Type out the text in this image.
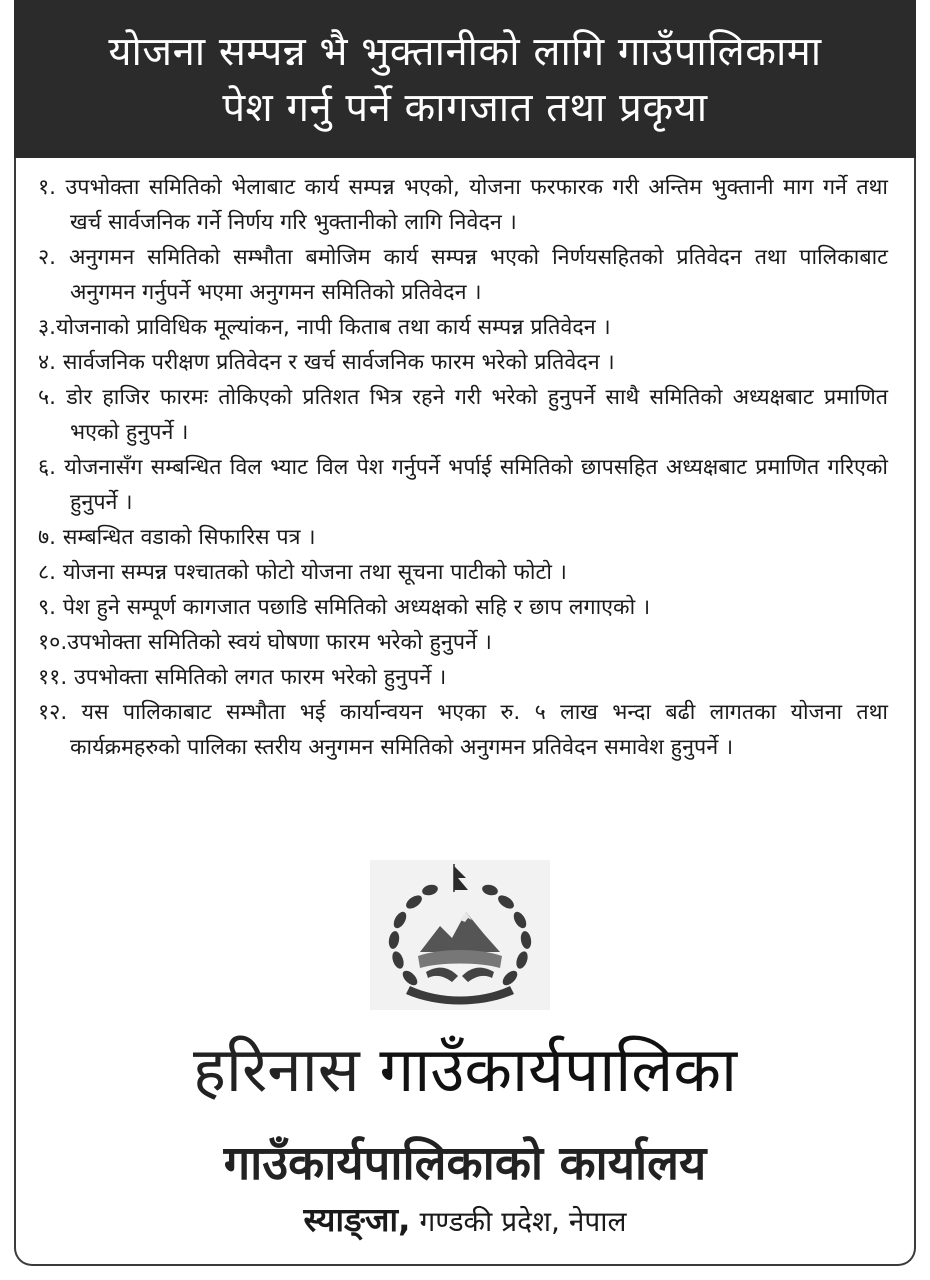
योजना सम्पन्न भै भुक्तानीको लागि गाउँपालिकामा
पेश गर्नु पर्ने कागजात तथा प्रकृया
१. उपभोक्ता समितिको भेलाबाट कार्य सम्पन्न भएको, योजना फरफारक गरी अन्तिम भुक्तानी माग गर्ने तथा खर्च सार्वजनिक गर्ने निर्णय गरि भुक्तानीको लागि निवेदन ।
२. अनुगमन समितिको सम्भौता बमोजिम कार्य सम्पन्न भएको निर्णयसहितको प्रतिवेदन तथा पालिकाबाट अनुगमन गर्नुपर्ने भएमा अनुगमन समितिको प्रतिवेदन ।
३.योजनाको प्राविधिक मूल्यांकन, नापी किताब तथा कार्य सम्पन्न प्रतिवेदन ।
४. सार्वजनिक परीक्षण प्रतिवेदन र खर्च सार्वजनिक फारम भरेको प्रतिवेदन ।
५. डोर हाजिर फारमः तोकिएको प्रतिशत भित्र रहने गरी भरेको हुनुपर्ने साथै समितिको अध्यक्षबाट प्रमाणित भएको हुनुपर्ने ।
६. योजनासँग सम्बन्धित विल भ्याट विल पेश गर्नुपर्ने भर्पाई समितिको छापसहित अध्यक्षबाट प्रमाणित गरिएको हुनुपर्ने ।
७. सम्बन्धित वडाको सिफारिस पत्र ।
८. योजना सम्पन्न पश्चातको फोटो योजना तथा सूचना पाटीको फोटो ।
९. पेश हुने सम्पूर्ण कागजात पछाडि समितिको अध्यक्षको सहि र छाप लगाएको ।
१०.उपभोक्ता समितिको स्वयं घोषणा फारम भरेको हुनुपर्ने ।
११. उपभोक्ता समितिको लगत फारम भरेको हुनुपर्ने ।
१२. यस पालिकाबाट सम्भौता भई कार्यान्वयन भएका रु. ५ लाख भन्दा बढी लागतका योजना तथा कार्यक्रमहरुको पालिका स्तरीय अनुगमन समितिको अनुगमन प्रतिवेदन समावेश हुनुपर्ने ।
हरिनास गाउँकार्यपालिका
गाउँकार्यपालिकाको कार्यालय
स्याङ्जा, गण्डकी प्रदेश, नेपाल
